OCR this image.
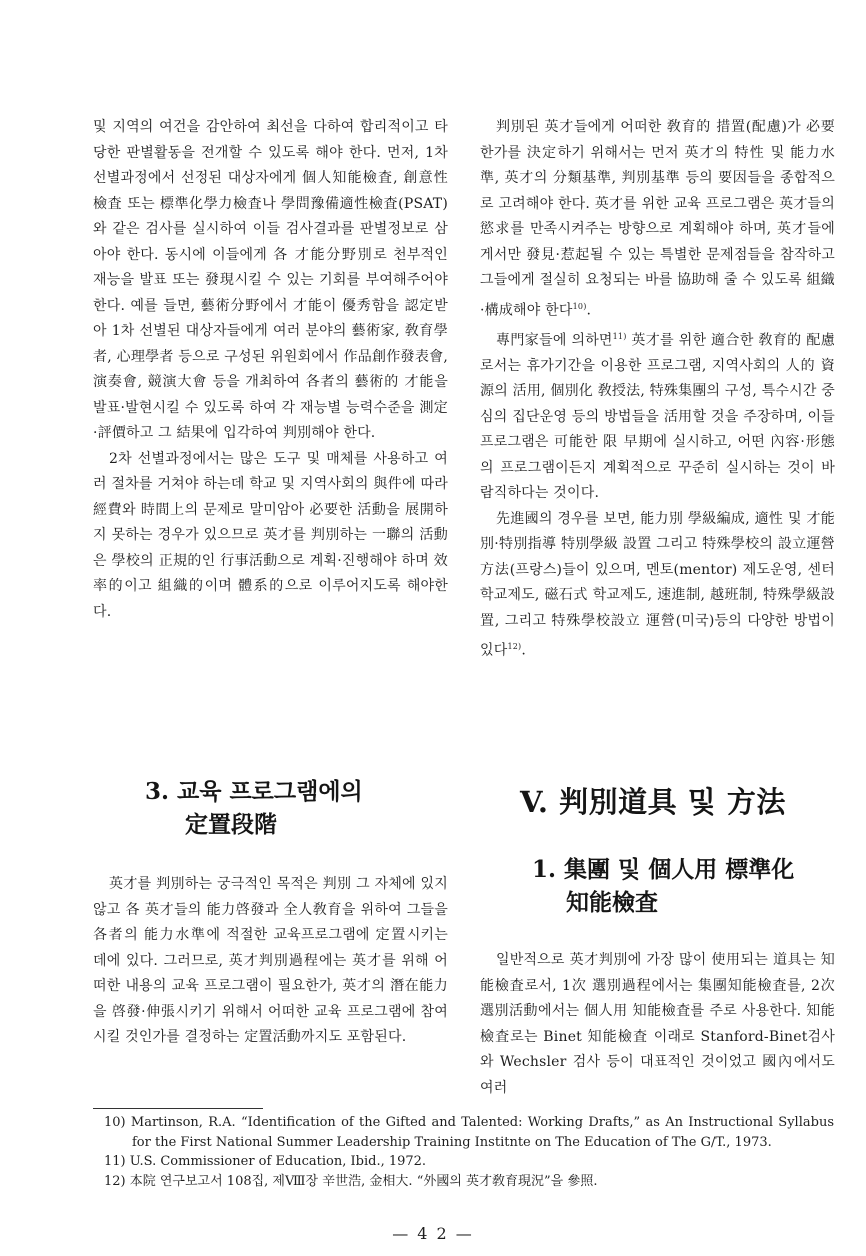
및 지역의 여건을 감안하여 최선을 다하여 합리적이고 타당한 판별활동을 전개할 수 있도록 해야 한다. 먼저, 1차 선별과정에서 선정된 대상자에게 個人知能檢査, 創意性檢査 또는 標準化學力檢査나 學問豫備適性檢査(PSAT)와 같은 검사를 실시하여 이들 검사결과를 판별정보로 삼아야 한다. 동시에 이들에게 各 才能分野別로 천부적인 재능을 발표 또는 發現시킬 수 있는 기회를 부여해주어야 한다. 예를 들면, 藝術分野에서 才能이 優秀함을 認定받아 1차 선별된 대상자들에게 여러 분야의 藝術家, 敎育學者, 心理學者 등으로 구성된 위원회에서 作品創作發表會, 演奏會, 競演大會 등을 개최하여 各者의 藝術的 才能을 발표·발현시킬 수 있도록 하여 각 재능별 능력수준을 測定·評價하고 그 結果에 입각하여 判別해야 한다.

2차 선별과정에서는 많은 도구 및 매체를 사용하고 여러 절차를 거쳐야 하는데 학교 및 지역사회의 與件에 따라 經費와 時間上의 문제로 말미암아 必要한 活動을 展開하지 못하는 경우가 있으므로 英才를 判別하는 一聯의 活動은 學校의 正規的인 行事活動으로 계획·진행해야 하며 效率的이고 組織的이며 體系的으로 이루어지도록 해야한다.

3. 교육 프로그램에의
定置段階

英才를 判別하는 궁극적인 목적은 判別 그 자체에 있지 않고 各 英才들의 能力啓發과 全人敎育을 위하여 그들을 各者의 能力水準에 적절한 교육프로그램에 定置시키는 데에 있다. 그러므로, 英才判別過程에는 英才를 위해 어떠한 내용의 교육 프로그램이 필요한가, 英才의 潛在能力을 啓發·伸張시키기 위해서 어떠한 교육 프로그램에 참여시킬 것인가를 결정하는 定置活動까지도 포함된다.

判別된 英才들에게 어떠한 敎育的 措置(配慮)가 必要한가를 決定하기 위해서는 먼저 英才의 特性 및 能力水準, 英才의 分類基準, 判別基準 등의 要因들을 종합적으로 고려해야 한다. 英才를 위한 교육 프로그램은 英才들의 慾求를 만족시켜주는 방향으로 계획해야 하며, 英才들에게서만 發見·惹起될 수 있는 특별한 문제점들을 참작하고 그들에게 절실히 요청되는 바를 協助해 줄 수 있도록 組織·構成해야 한다$^{10)}$.

專門家들에 의하면$^{11)}$ 英才를 위한 適合한 敎育的 配慮로서는 휴가기간을 이용한 프로그램, 지역사회의 人的 資源의 活用, 個別化 敎授法, 特殊集團의 구성, 특수시간 중심의 집단운영 등의 방법들을 活用할 것을 주장하며, 이들 프로그램은 可能한 限 早期에 실시하고, 어떤 內容·形態의 프로그램이든지 계획적으로 꾸준히 실시하는 것이 바람직하다는 것이다.

先進國의 경우를 보면, 能力別 學級編成, 適性 및 才能別·特別指導 特別學級 設置 그리고 特殊學校의 設立運營方法(프랑스)들이 있으며, 멘토(mentor) 제도운영, 센터학교제도, 磁石式 학교제도, 速進制, 越班制, 特殊學級設置, 그리고 特殊學校設立 運營(미국)등의 다양한 방법이 있다$^{12)}$.

V. 判別道具 및 方法
1. 集團 및 個人用 標準化
知能檢査

일반적으로 英才判別에 가장 많이 使用되는 道具는 知能檢査로서, 1次 選別過程에서는 集團知能檢査를, 2次 選別活動에서는 個人用 知能檢査를 주로 사용한다. 知能檢査로는 Binet 知能檢査 이래로 Stanford-Binet검사와 Wechsler 검사 등이 대표적인 것이었고 國內에서도 여러

10) Martinson, R.A. “Identification of the Gifted and Talented: Working Drafts,” as An Instructional Syllabus for the First National Summer Leadership Training Institnte on The Education of The G/T., 1973.

11) U.S. Commissioner of Education, Ibid., 1972.

12) 本院 연구보고서 108집, 제Ⅷ장 辛世浩, 金相大. “外國의 英才敎育現況”을 參照.

— 4 2 —
